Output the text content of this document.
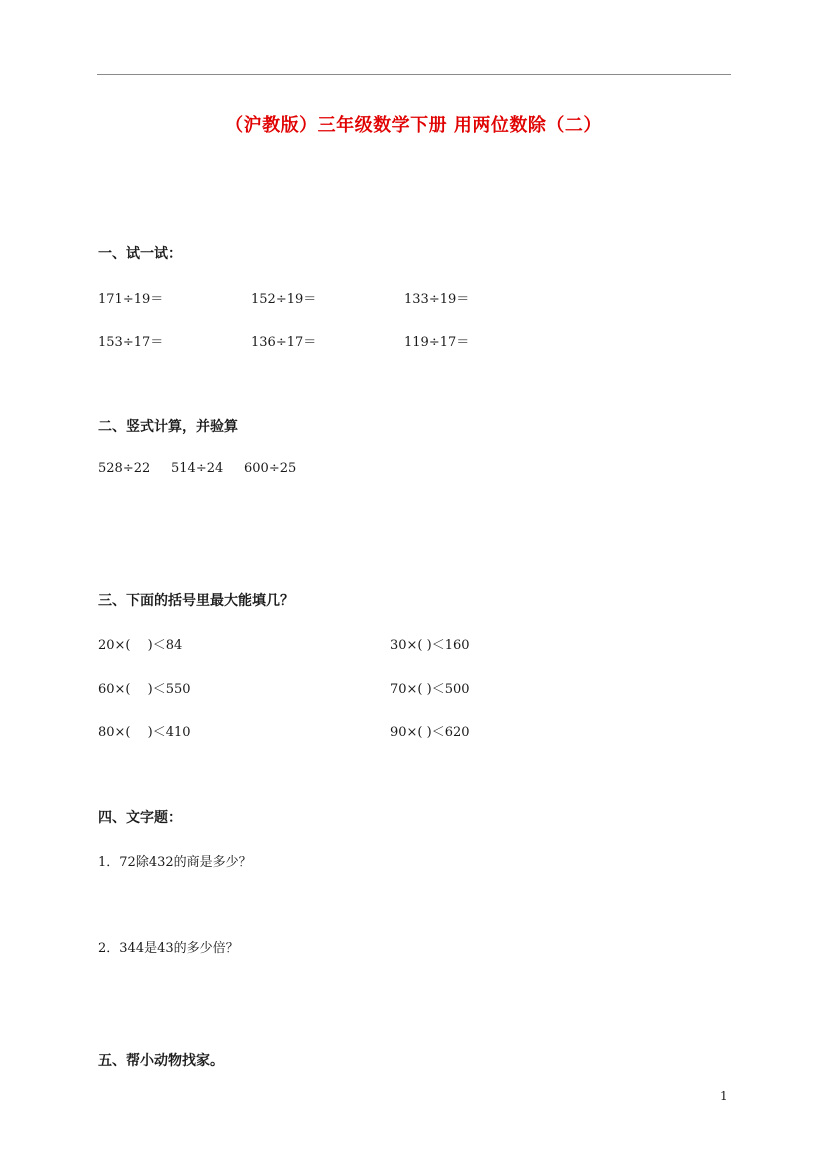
（沪教版）三年级数学下册 用两位数除（二）
一、试一试：
171÷19＝	152÷19＝	133÷19＝
153÷17＝	136÷17＝	119÷17＝
二、竖式计算，并验算
528÷22 514÷24 600÷25
三、下面的括号里最大能填几？
20×(　 )＜84	30×( )＜160
60×(　 )＜550	70×( )＜500
80×(　 )＜410	90×( )＜620
四、文字题：
1．72除432的商是多少？
2．344是43的多少倍？
五、帮小动物找家。
1
